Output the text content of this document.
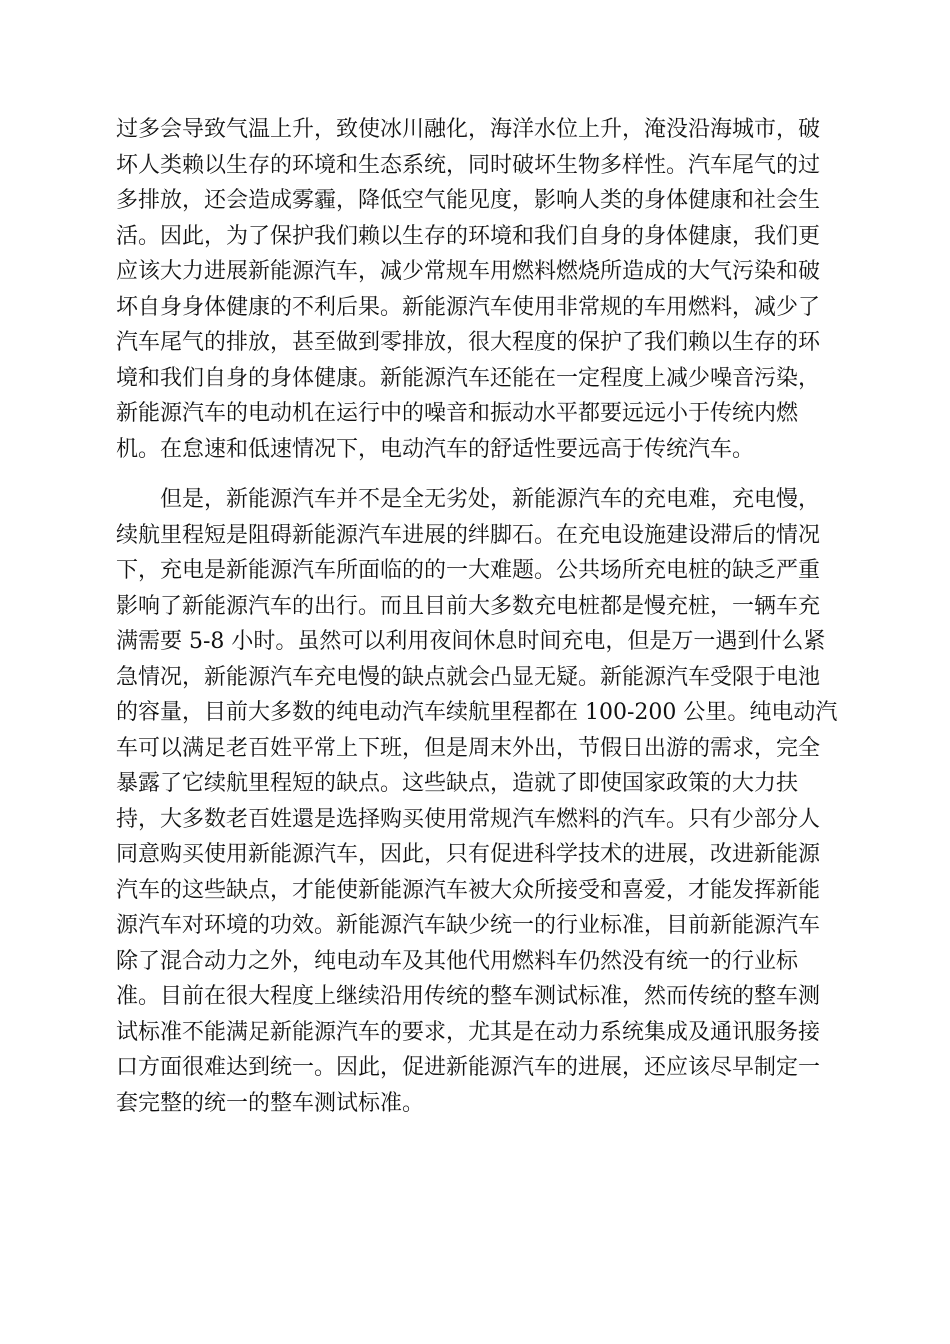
过多会导致气温上升，致使冰川融化，海洋水位上升，淹没沿海城市，破
坏人类赖以生存的环境和生态系统，同时破坏生物多样性。汽车尾气的过
多排放，还会造成雾霾，降低空气能见度，影响人类的身体健康和社会生
活。因此，为了保护我们赖以生存的环境和我们自身的身体健康，我们更
应该大力进展新能源汽车，减少常规车用燃料燃烧所造成的大气污染和破
坏自身身体健康的不利后果。新能源汽车使用非常规的车用燃料，减少了
汽车尾气的排放，甚至做到零排放，很大程度的保护了我们赖以生存的环
境和我们自身的身体健康。新能源汽车还能在一定程度上减少噪音污染，
新能源汽车的电动机在运行中的噪音和振动水平都要远远小于传统内燃
机。在怠速和低速情况下，电动汽车的舒适性要远高于传统汽车。
　　但是，新能源汽车并不是全无劣处，新能源汽车的充电难，充电慢，
续航里程短是阻碍新能源汽车进展的绊脚石。在充电设施建设滞后的情况
下，充电是新能源汽车所面临的的一大难题。公共场所充电桩的缺乏严重
影响了新能源汽车的出行。而且目前大多数充电桩都是慢充桩，一辆车充
满需要 5-8 小时。虽然可以利用夜间休息时间充电，但是万一遇到什么紧
急情况，新能源汽车充电慢的缺点就会凸显无疑。新能源汽车受限于电池
的容量，目前大多数的纯电动汽车续航里程都在 100-200 公里。纯电动汽
车可以满足老百姓平常上下班，但是周末外出，节假日出游的需求，完全
暴露了它续航里程短的缺点。这些缺点，造就了即使国家政策的大力扶
持，大多数老百姓還是选择购买使用常规汽车燃料的汽车。只有少部分人
同意购买使用新能源汽车，因此，只有促进科学技术的进展，改进新能源
汽车的这些缺点，才能使新能源汽车被大众所接受和喜爱，才能发挥新能
源汽车对环境的功效。新能源汽车缺少统一的行业标准，目前新能源汽车
除了混合动力之外，纯电动车及其他代用燃料车仍然没有统一的行业标
准。目前在很大程度上继续沿用传统的整车测试标准，然而传统的整车测
试标准不能满足新能源汽车的要求，尤其是在动力系统集成及通讯服务接
口方面很难达到统一。因此，促进新能源汽车的进展，还应该尽早制定一
套完整的统一的整车测试标准。
